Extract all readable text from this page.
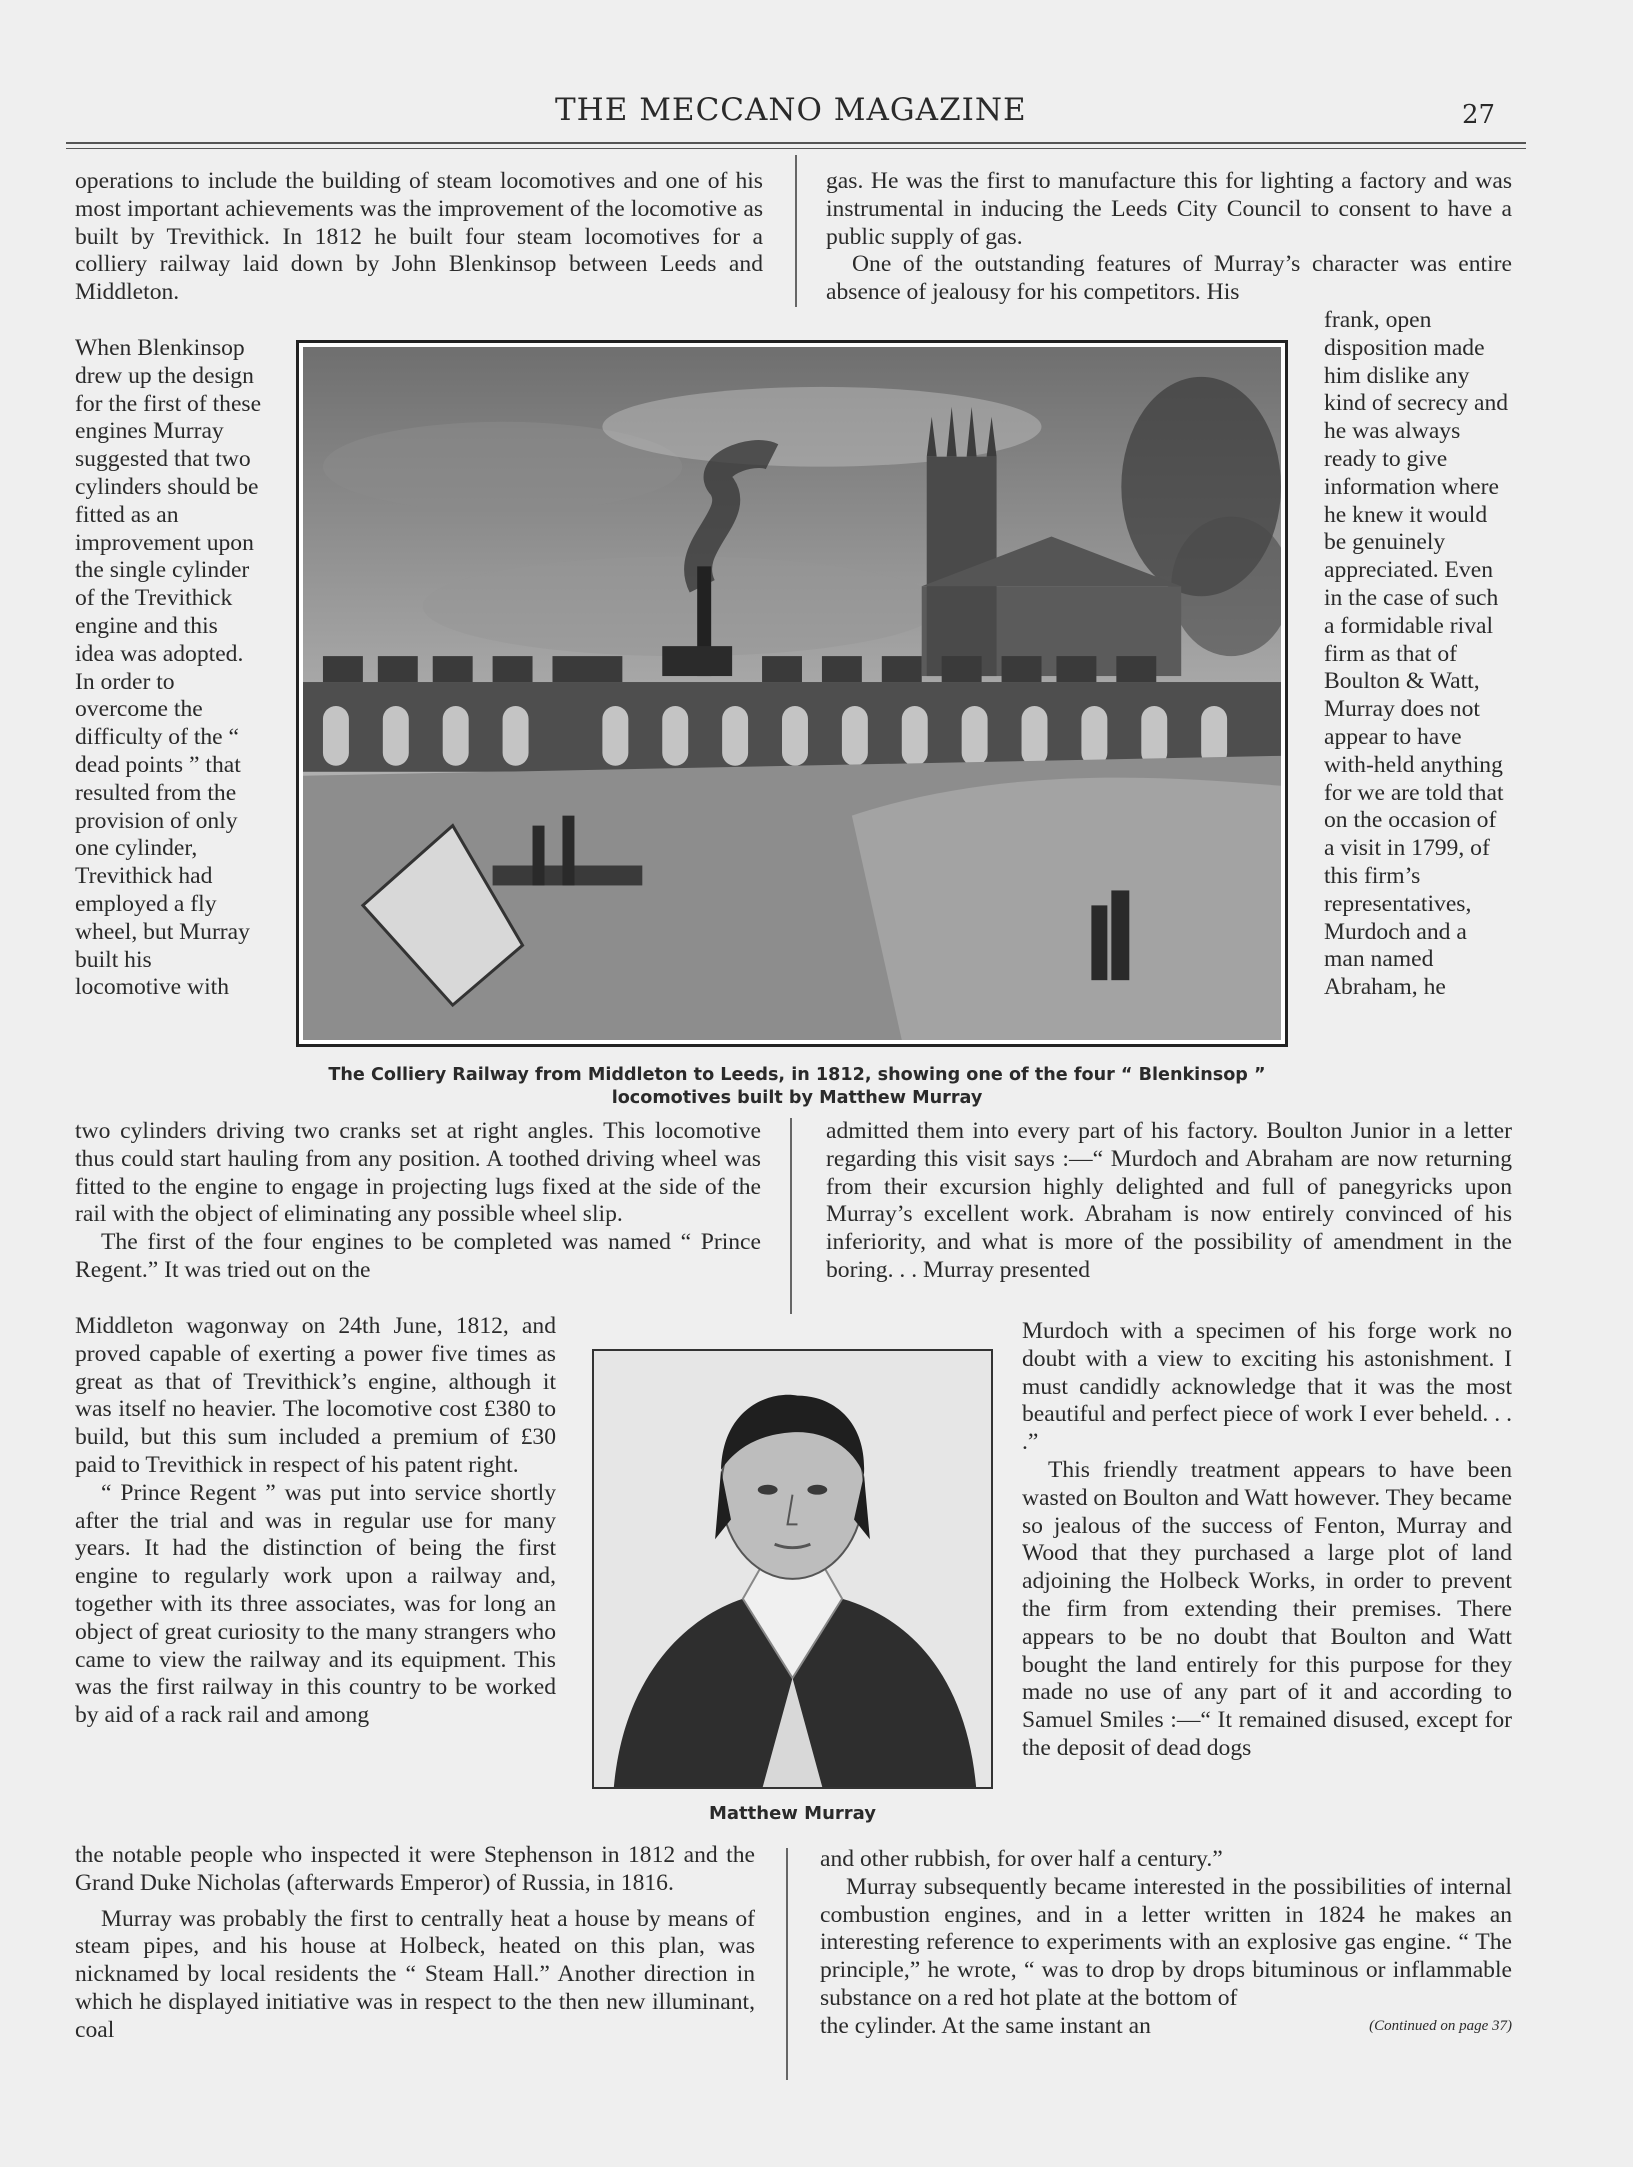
THE MECCANO MAGAZINE	27

operations to include the building of steam locomotives and one of his most important achievements was the improvement of the locomotive as built by Trevithick. In 1812 he built four steam locomotives for a colliery railway laid down by John Blenkinsop between Leeds and Middleton.

gas. He was the first to manufacture this for lighting a factory and was instrumental in inducing the Leeds City Council to consent to have a public supply of gas.

One of the outstanding features of Murray’s character was entire absence of jealousy for his competitors. His

When Blenkinsop drew up the design for the first of these engines Murray suggested that two cylinders should be fitted as an improvement upon the single cylinder of the Trevithick engine and this idea was adopted. In order to overcome the difficulty of the “ dead points ” that resulted from the provision of only one cylinder, Trevithick had employed a fly wheel, but Murray built his locomotive with

frank, open disposition made him dislike any kind of secrecy and he was always ready to give information where he knew it would be genuinely appreciated. Even in the case of such a formidable rival firm as that of Boulton & Watt, Murray does not appear to have with-held anything for we are told that on the occasion of a visit in 1799, of this firm’s representatives, Murdoch and a man named Abraham, he

The Colliery Railway from Middleton to Leeds, in 1812, showing one of the four “ Blenkinsop ”
locomotives built by Matthew Murray

two cylinders driving two cranks set at right angles. This locomotive thus could start hauling from any position. A toothed driving wheel was fitted to the engine to engage in projecting lugs fixed at the side of the rail with the object of eliminating any possible wheel slip.

The first of the four engines to be completed was named “ Prince Regent.” It was tried out on the

Middleton wagonway on 24th June, 1812, and proved capable of exerting a power five times as great as that of Trevithick’s engine, although it was itself no heavier. The locomotive cost £380 to build, but this sum included a premium of £30 paid to Trevithick in respect of his patent right.

“ Prince Regent ” was put into service shortly after the trial and was in regular use for many years. It had the distinction of being the first engine to regularly work upon a railway and, together with its three associates, was for long an object of great curiosity to the many strangers who came to view the railway and its equipment. This was the first railway in this country to be worked by aid of a rack rail and among

the notable people who inspected it were Stephenson in 1812 and the Grand Duke Nicholas (afterwards Emperor) of Russia, in 1816.

Murray was probably the first to centrally heat a house by means of steam pipes, and his house at Holbeck, heated on this plan, was nicknamed by local residents the “ Steam Hall.” Another direction in which he displayed initiative was in respect to the then new illuminant, coal

admitted them into every part of his factory. Boulton Junior in a letter regarding this visit says :—“ Murdoch and Abraham are now returning from their excursion highly delighted and full of panegyricks upon Murray’s excellent work. Abraham is now entirely convinced of his inferiority, and what is more of the possibility of amendment in the boring. . . Murray presented

Murdoch with a specimen of his forge work no doubt with a view to exciting his astonishment. I must candidly acknowledge that it was the most beautiful and perfect piece of work I ever beheld. . . .”

This friendly treatment appears to have been wasted on Boulton and Watt however. They became so jealous of the success of Fenton, Murray and Wood that they purchased a large plot of land adjoining the Holbeck Works, in order to prevent the firm from extending their premises. There appears to be no doubt that Boulton and Watt bought the land entirely for this purpose for they made no use of any part of it and according to Samuel Smiles :—“ It remained disused, except for the deposit of dead dogs

and other rubbish, for over half a century.”

Murray subsequently became interested in the possibilities of internal combustion engines, and in a letter written in 1824 he makes an interesting reference to experiments with an explosive gas engine. “ The principle,” he wrote, “ was to drop by drops bituminous or inflammable substance on a red hot plate at the bottom of

the cylinder. At the same instant an	(Continued on page 37)

Matthew Murray
